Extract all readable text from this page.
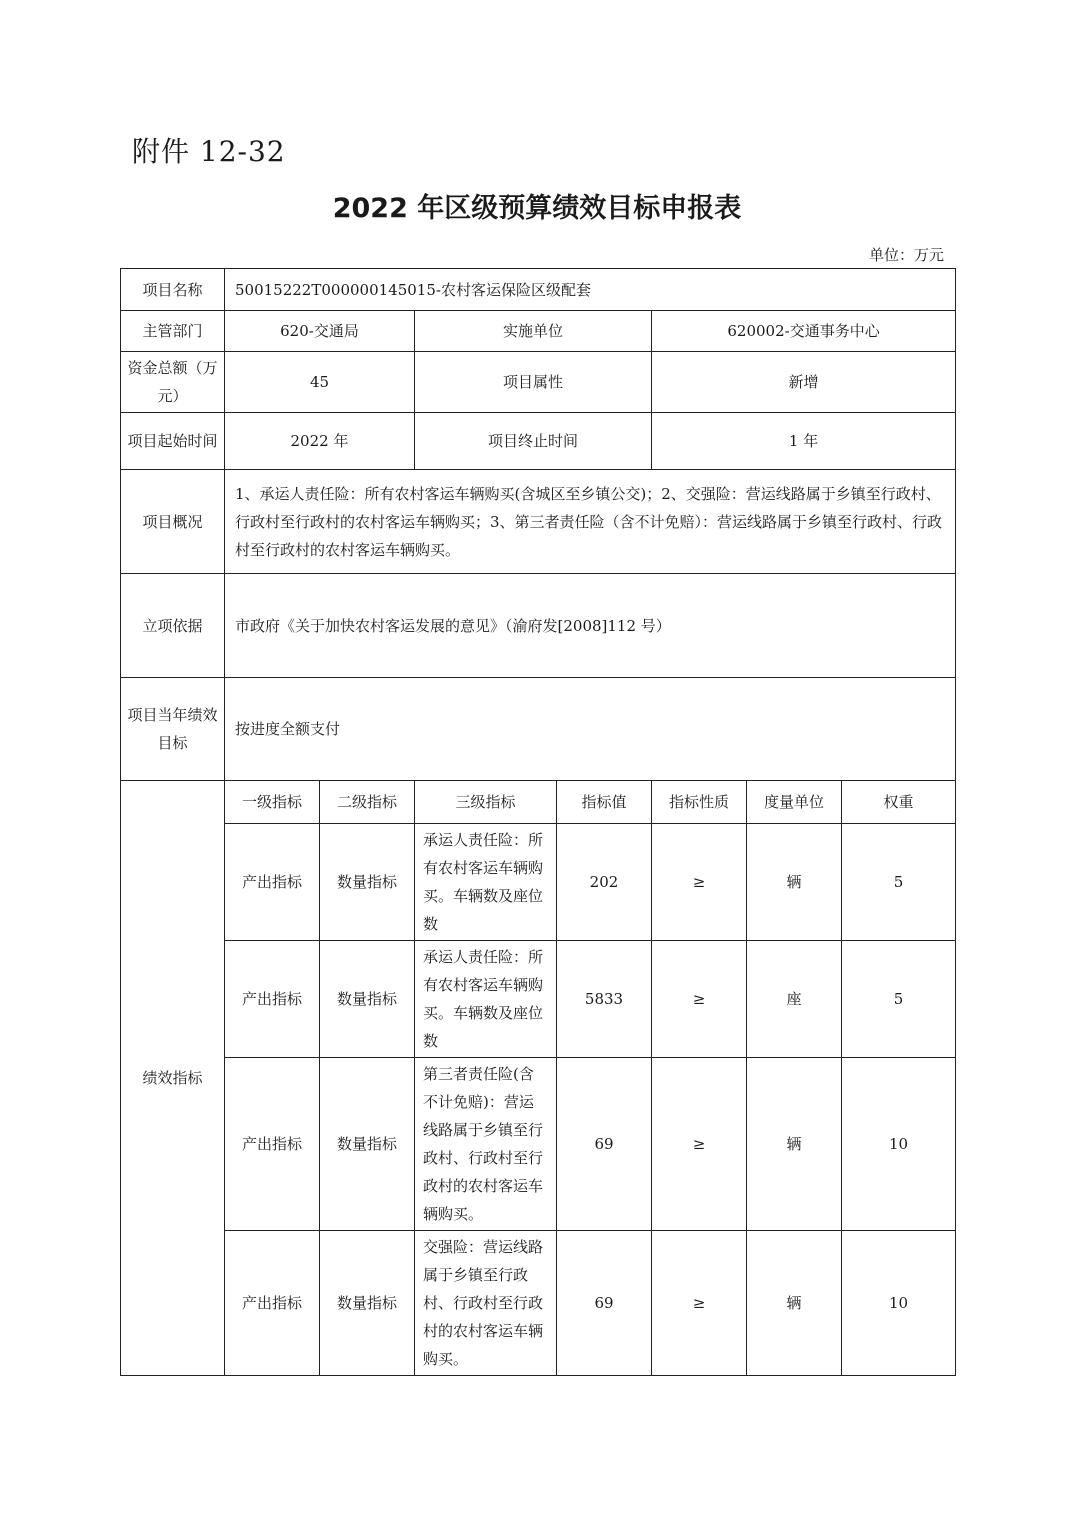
附件 12-32
2022 年区级预算绩效目标申报表
单位：万元
项目名称	50015222T000000145015-农村客运保险区级配套						
主管部门	620-交通局		实施单位		620002-交通事务中心		
资金总额（万元）	45		项目属性		新增		
项目起始时间	2022 年		项目终止时间		1 年		
项目概况	1、承运人责任险：所有农村客运车辆购买(含城区至乡镇公交)；2、交强险：营运线路属于乡镇至行政村、行政村至行政村的农村客运车辆购买；3、第三者责任险（含不计免赔）：营运线路属于乡镇至行政村、行政村至行政村的农村客运车辆购买。						
立项依据	市政府《关于加快农村客运发展的意见》（渝府发[2008]112 号）						
项目当年绩效目标	按进度全额支付						
绩效指标	一级指标	二级指标	三级指标	指标值	指标性质	度量单位	权重
	产出指标	数量指标	承运人责任险：所有农村客运车辆购买。车辆数及座位数	202	≥	辆	5
	产出指标	数量指标	承运人责任险：所有农村客运车辆购买。车辆数及座位数	5833	≥	座	5
	产出指标	数量指标	第三者责任险(含不计免赔)：营运线路属于乡镇至行政村、行政村至行政村的农村客运车辆购买。	69	≥	辆	10
	产出指标	数量指标	交强险：营运线路属于乡镇至行政村、行政村至行政村的农村客运车辆购买。	69	≥	辆	10
